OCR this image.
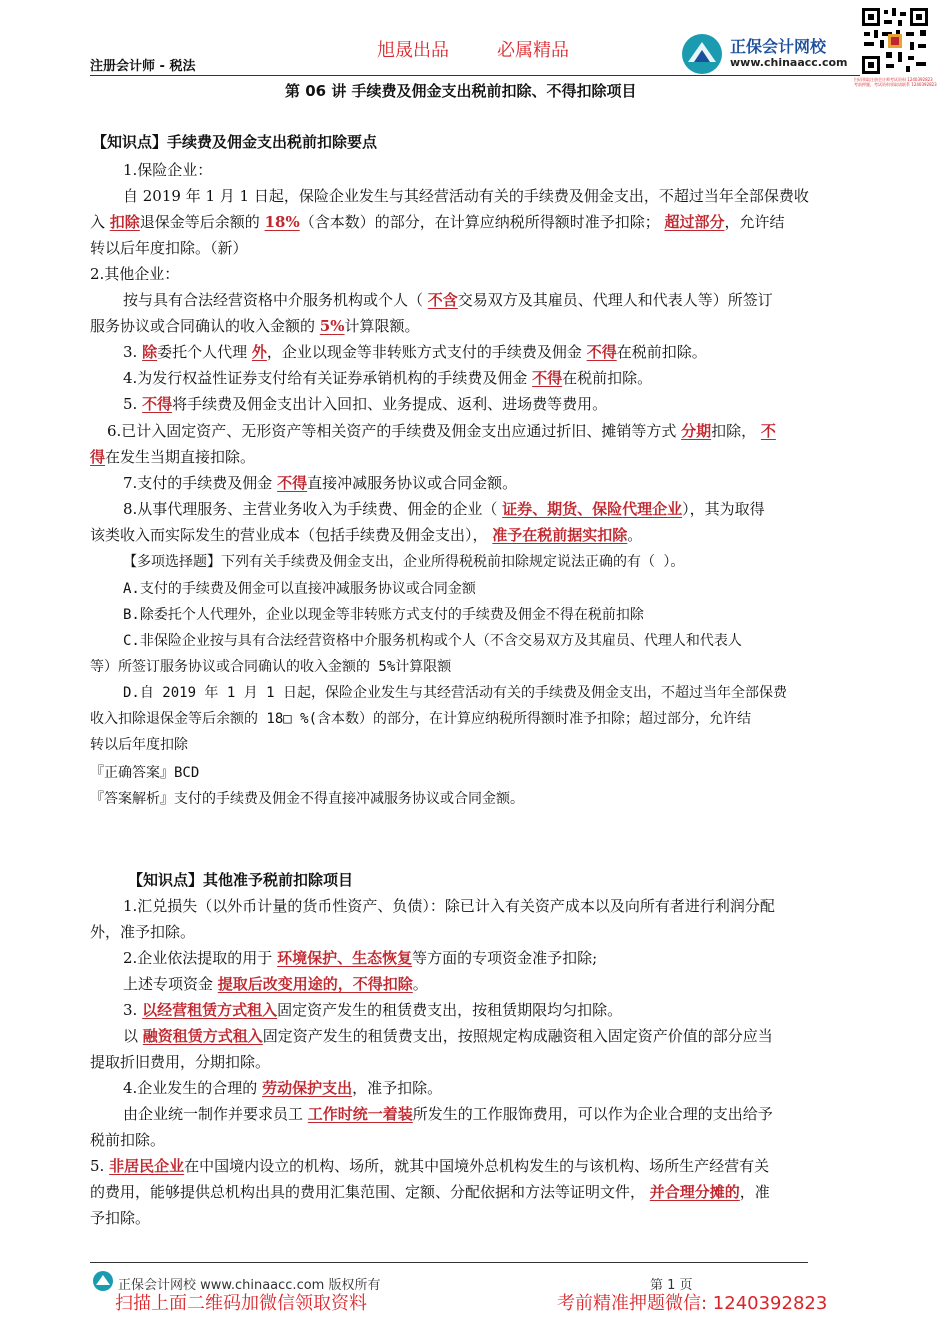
注册会计师 - 税法
旭晟出品	必属精品	正保会计网校
www.chinaacc.com
扫码领取注册会计师考试资料 1240392823
考前押题，考试资料领取请联系 1240392823
第 06 讲 手续费及佣金支出税前扣除、不得扣除项目
【知识点】手续费及佣金支出税前扣除要点
1.保险企业：
自 2019 年 1 月 1 日起，保险企业发生与其经营活动有关的手续费及佣金支出，不超过当年全部保费收
入 扣除退保金等后余额的 18%（含本数）的部分，在计算应纳税所得额时准予扣除； 超过部分，允许结
转以后年度扣除。（新）
2.其他企业：
按与具有合法经营资格中介服务机构或个人（ 不含交易双方及其雇员、代理人和代表人等）所签订
服务协议或合同确认的收入金额的 5%计算限额。
3. 除委托个人代理 外，企业以现金等非转账方式支付的手续费及佣金 不得在税前扣除。
4.为发行权益性证券支付给有关证券承销机构的手续费及佣金 不得在税前扣除。
5. 不得将手续费及佣金支出计入回扣、业务提成、返利、进场费等费用。
6.已计入固定资产、无形资产等相关资产的手续费及佣金支出应通过折旧、摊销等方式 分期扣除， 不
得在发生当期直接扣除。
7.支付的手续费及佣金 不得直接冲减服务协议或合同金额。
8.从事代理服务、主营业务收入为手续费、佣金的企业（ 证券、期货、保险代理企业），其为取得
该类收入而实际发生的营业成本（包括手续费及佣金支出）， 准予在税前据实扣除。
【多项选择题】下列有关手续费及佣金支出，企业所得税税前扣除规定说法正确的有（ ）。
A.支付的手续费及佣金可以直接冲减服务协议或合同金额
B.除委托个人代理外，企业以现金等非转账方式支付的手续费及佣金不得在税前扣除
C.非保险企业按与具有合法经营资格中介服务机构或个人（不含交易双方及其雇员、代理人和代表人
等）所签订服务协议或合同确认的收入金额的 5%计算限额
D.自 2019 年 1 月 1 日起，保险企业发生与其经营活动有关的手续费及佣金支出，不超过当年全部保费
收入扣除退保金等后余额的 18□ %(含本数）的部分，在计算应纳税所得额时准予扣除；超过部分，允许结
转以后年度扣除
『正确答案』BCD
『答案解析』支付的手续费及佣金不得直接冲减服务协议或合同金额。
【知识点】其他准予税前扣除项目
1.汇兑损失（以外币计量的货币性资产、负债）：除已计入有关资产成本以及向所有者进行利润分配
外，准予扣除。
2.企业依法提取的用于 环境保护、生态恢复等方面的专项资金准予扣除;
上述专项资金 提取后改变用途的，不得扣除。
3. 以经营租赁方式租入固定资产发生的租赁费支出，按租赁期限均匀扣除。
以 融资租赁方式租入固定资产发生的租赁费支出，按照规定构成融资租入固定资产价值的部分应当
提取折旧费用，分期扣除。
4.企业发生的合理的 劳动保护支出，准予扣除。
由企业统一制作并要求员工 工作时统一着装所发生的工作服饰费用，可以作为企业合理的支出给予
税前扣除。
5. 非居民企业在中国境内设立的机构、场所，就其中国境外总机构发生的与该机构、场所生产经营有关
的费用，能够提供总机构出具的费用汇集范围、定额、分配依据和方法等证明文件， 并合理分摊的，准
予扣除。
正保会计网校 www.chinaacc.com 版权所有	第 1 页
扫描上面二维码加微信领取资料	考前精准押题微信: 1240392823
